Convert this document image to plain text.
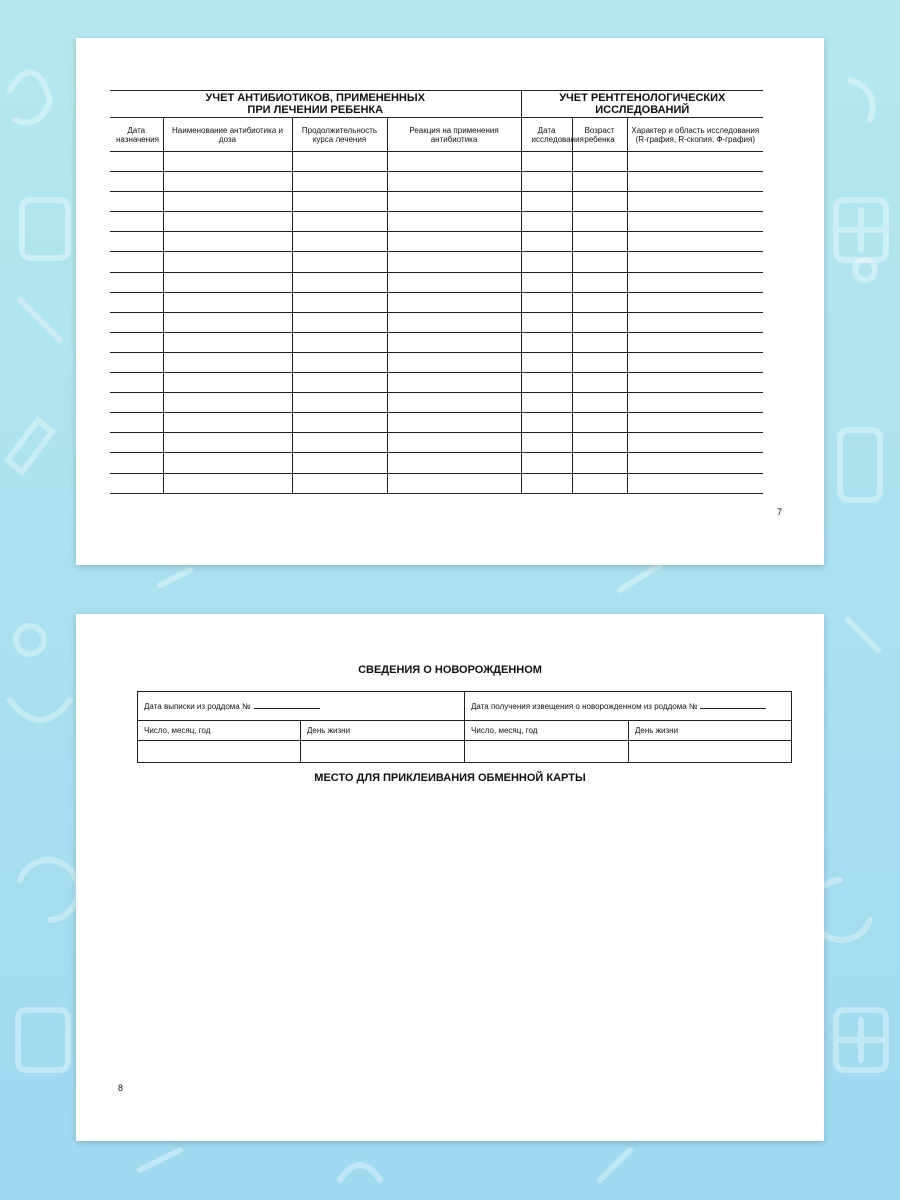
УЧЕТ АНТИБИОТИКОВ, ПРИМЕНЕННЫХ ПРИ ЛЕЧЕНИИ РЕБЕНКА				УЧЕТ РЕНТГЕНОЛОГИЧЕСКИХ ИССЛЕДОВАНИЙ		
Дата назначения	Наименование антибиотика и доза	Продолжительность курса лечения	Реакция на применения антибиотика	Дата исследования	Возраст ребенка	Характер и область исследования (R-графия, R-скопия, Ф-графия)

7
СВЕДЕНИЯ О НОВОРОЖДЕННОМ
Дата выписки из роддома №		Дата получения извещения о новорожденном из роддома №	
Число, месяц, год	День жизни	Число, месяц, год	День жизни

МЕСТО ДЛЯ ПРИКЛЕИВАНИЯ ОБМЕННОЙ КАРТЫ
8
